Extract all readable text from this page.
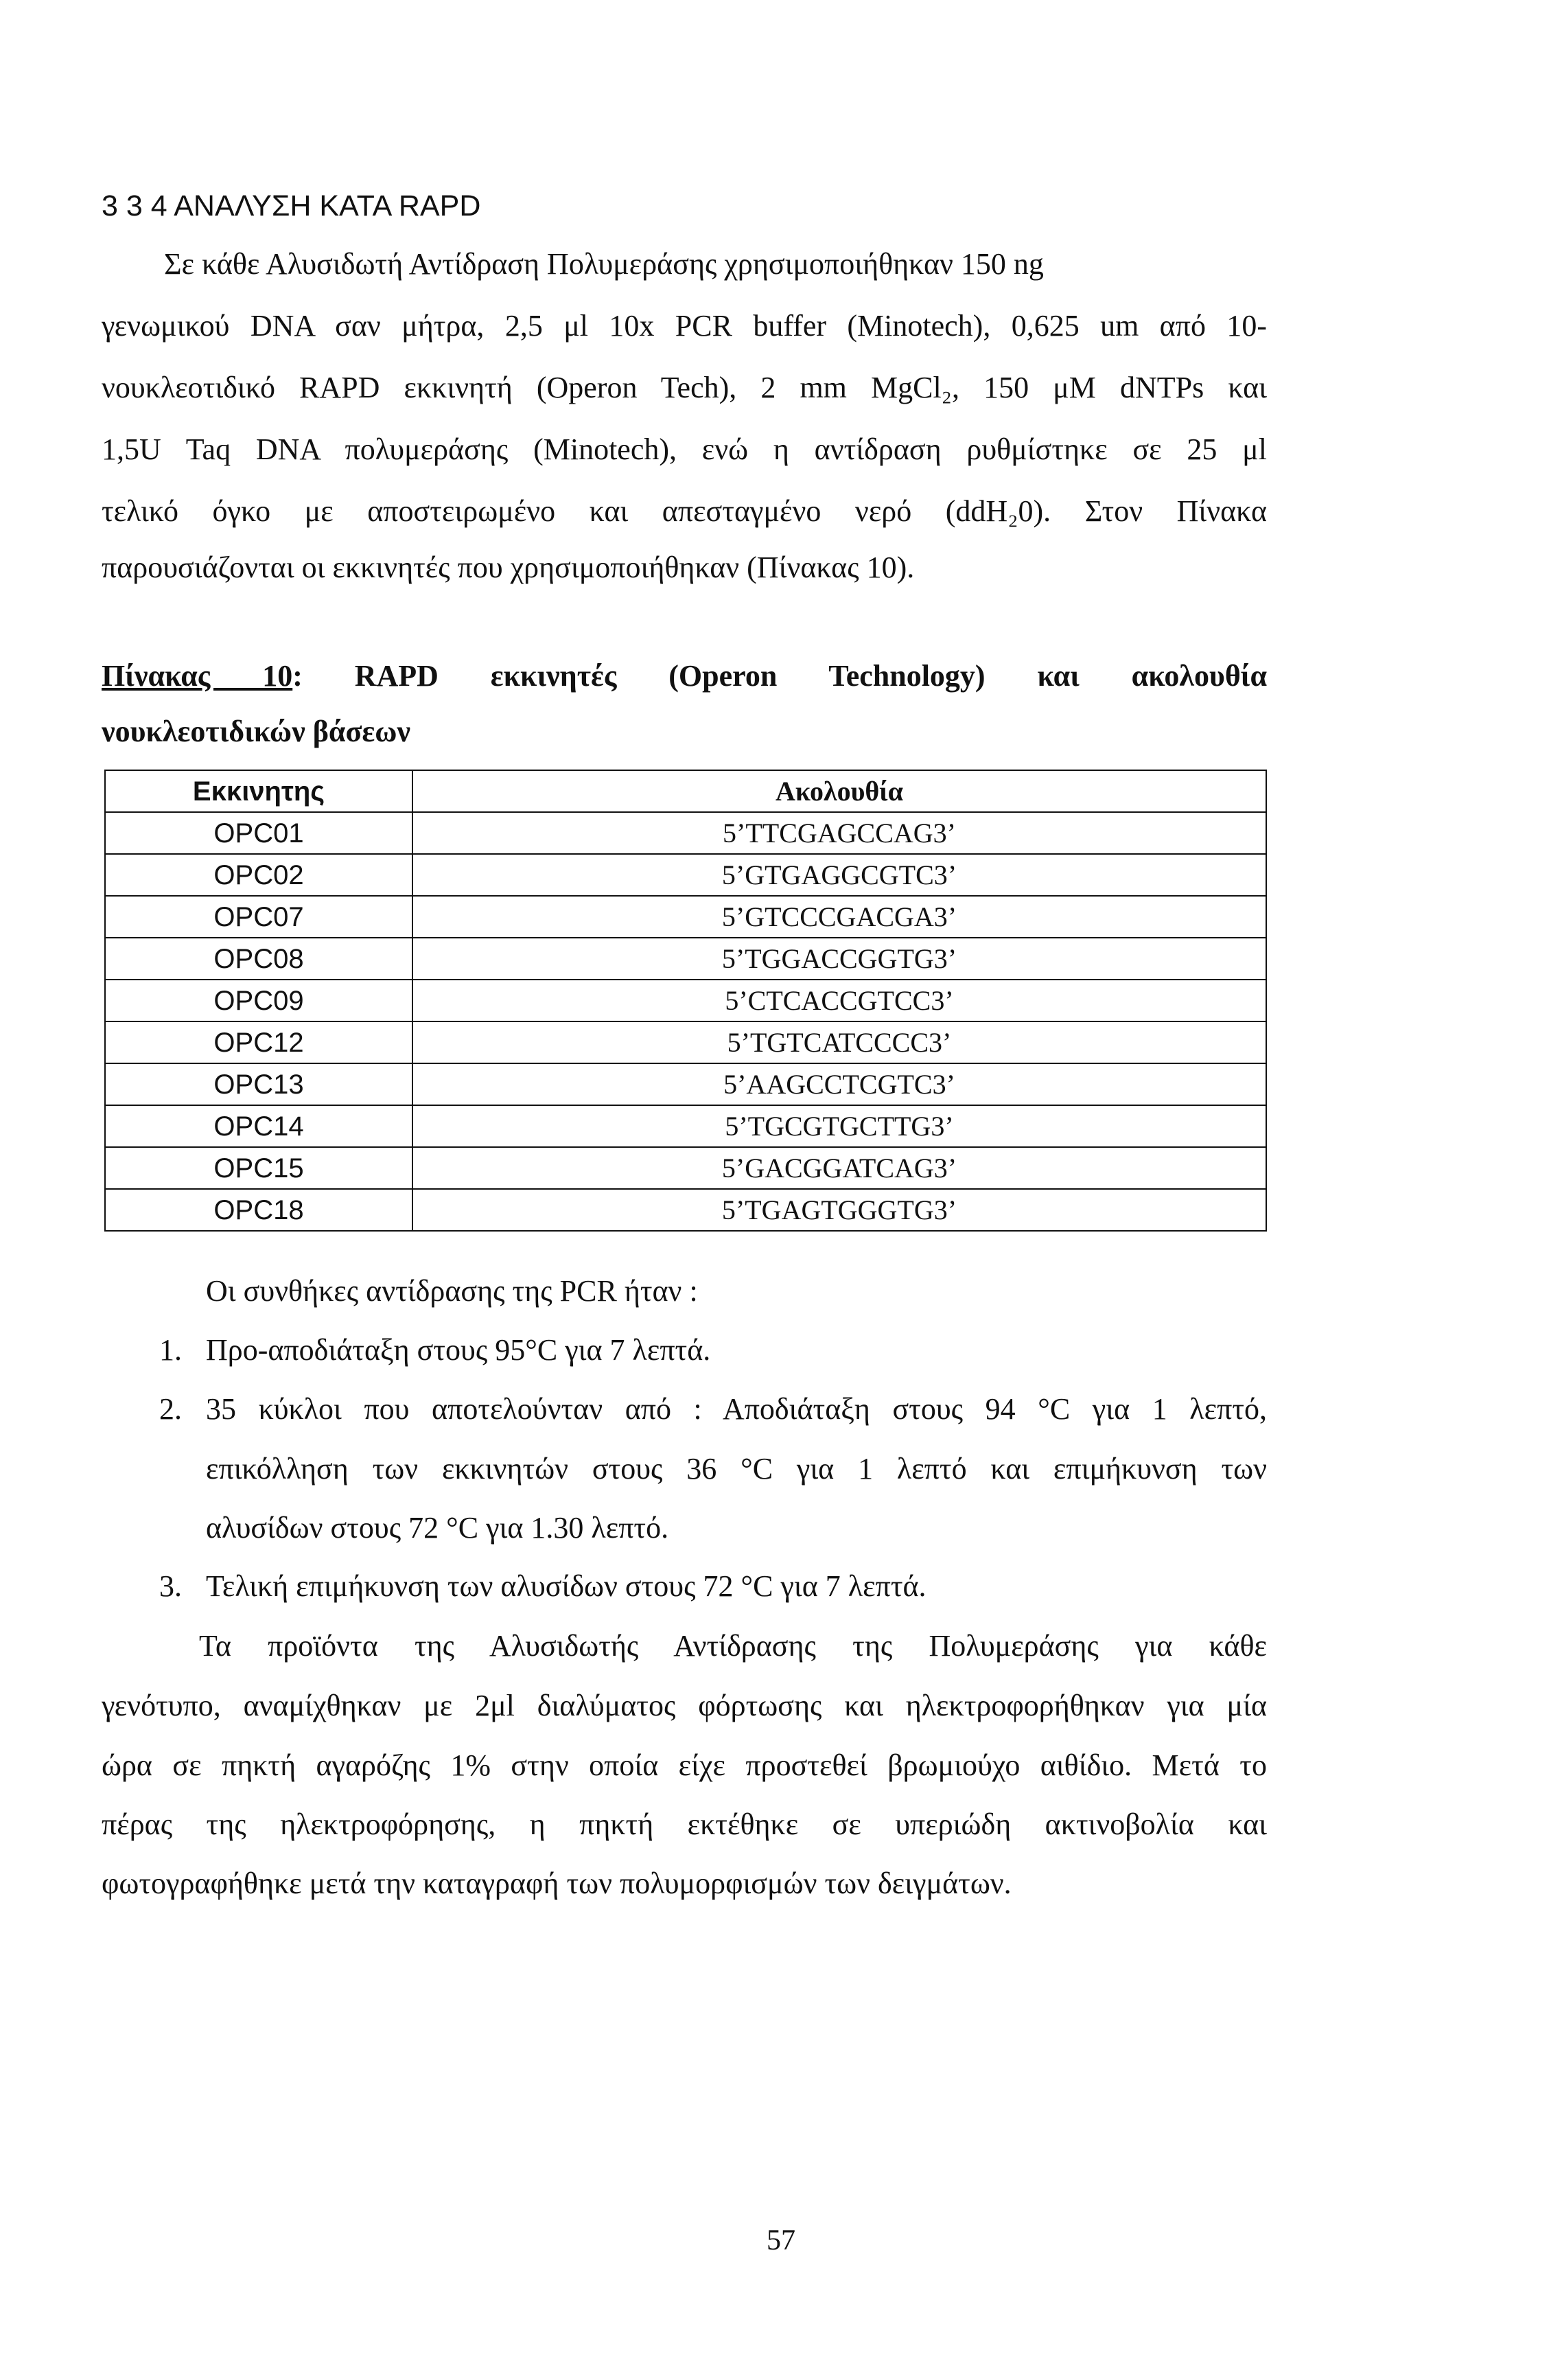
3 3 4 ΑΝΑΛΥΣΗ ΚΑΤΑ RAPD
Σε κάθε Αλυσιδωτή Αντίδραση Πολυμεράσης χρησιμοποιήθηκαν 150 ng
γενωμικού DNA σαν μήτρα, 2,5 μl 10x PCR buffer (Minotech), 0,625 um από 10-
νουκλεοτιδικό RAPD εκκινητή (Operon Tech), 2 mm MgCl₂, 150 μM dNTPs και
1,5U Taq DNA πολυμεράσης (Minotech), ενώ η αντίδραση ρυθμίστηκε σε 25 μl
τελικό όγκο με αποστειρωμένο και απεσταγμένο νερό (ddH₂0). Στον Πίνακα
παρουσιάζονται οι εκκινητές που χρησιμοποιήθηκαν (Πίνακας 10).
Πίνακας 10: RAPD εκκινητές (Operon Technology) και ακολουθία
νουκλεοτιδικών βάσεων
Εκκινητης	Ακολουθία
OPC01	5’TTCGAGCCAG3’
OPC02	5’GTGAGGCGTC3’
OPC07	5’GTCCCGACGA3’
OPC08	5’TGGACCGGTG3’
OPC09	5’CTCACCGTCC3’
OPC12	5’TGTCATCCCC3’
OPC13	5’AAGCCTCGTC3’
OPC14	5’TGCGTGCTTG3’
OPC15	5’GACGGATCAG3’
OPC18	5’TGAGTGGGTG3’
Οι συνθήκες αντίδρασης της PCR ήταν :
1. Προ-αποδιάταξη στους 95°C για 7 λεπτά.
2. 35 κύκλοι που αποτελούνταν από : Αποδιάταξη στους 94 °C για 1 λεπτό,
επικόλληση των εκκινητών στους 36 °C για 1 λεπτό και επιμήκυνση των
αλυσίδων στους 72 °C για 1.30 λεπτό.
3. Τελική επιμήκυνση των αλυσίδων στους 72 °C για 7 λεπτά.
Τα προϊόντα της Αλυσιδωτής Αντίδρασης της Πολυμεράσης για κάθε
γενότυπο, αναμίχθηκαν με 2μl διαλύματος φόρτωσης και ηλεκτροφορήθηκαν για μία
ώρα σε πηκτή αγαρόζης 1% στην οποία είχε προστεθεί βρωμιούχο αιθίδιο. Μετά το
πέρας της ηλεκτροφόρησης, η πηκτή εκτέθηκε σε υπεριώδη ακτινοβολία και
φωτογραφήθηκε μετά την καταγραφή των πολυμορφισμών των δειγμάτων.
57
